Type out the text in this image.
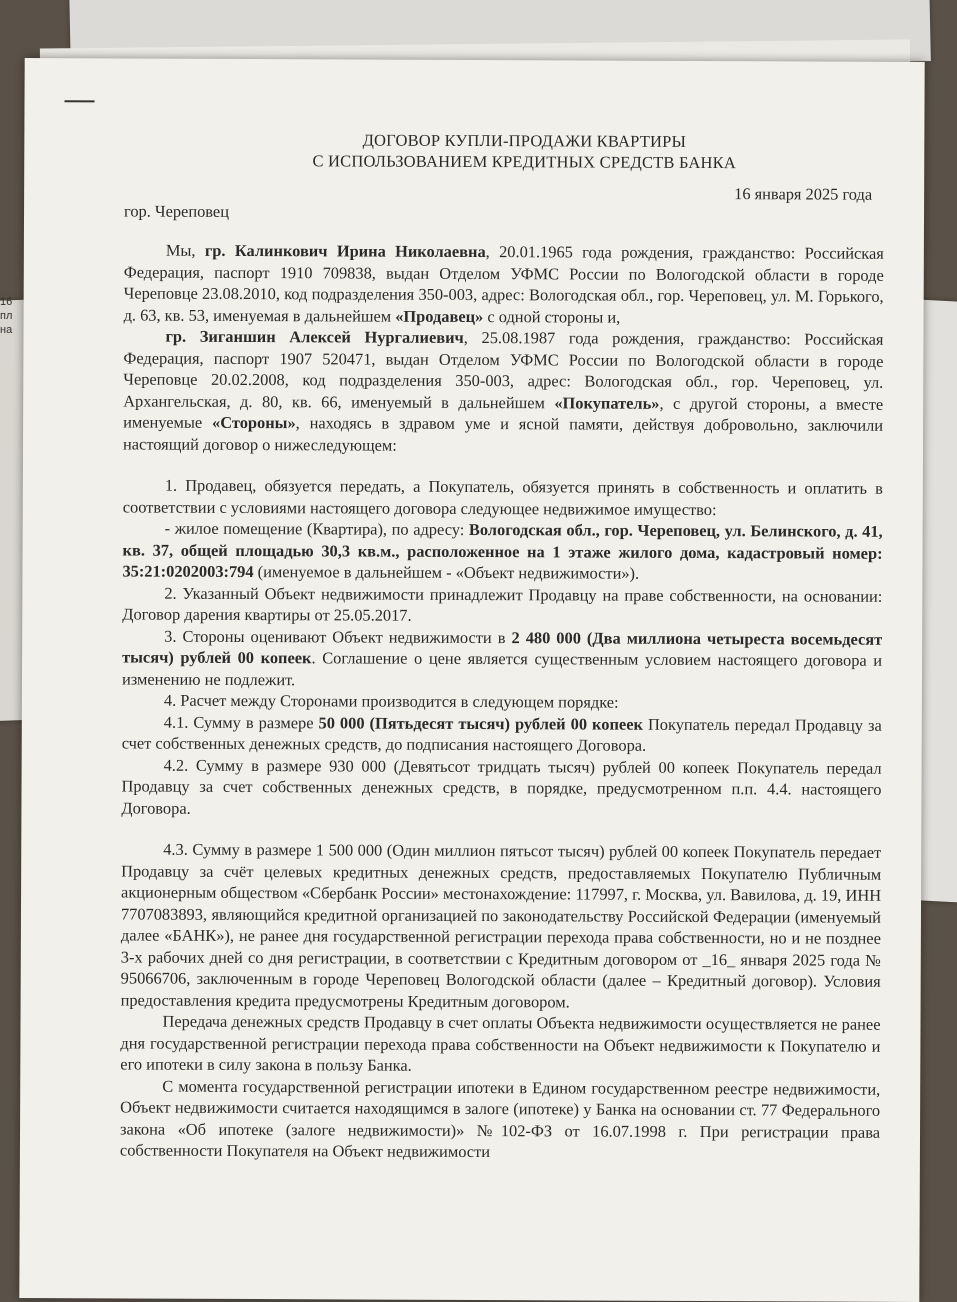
16
пл
на
ДОГОВОР КУПЛИ-ПРОДАЖИ КВАРТИРЫ
С ИСПОЛЬЗОВАНИЕМ КРЕДИТНЫХ СРЕДСТВ БАНКА
16 января 2025 года
гор. Череповец

Мы, гр. Калинкович Ирина Николаевна, 20.01.1965 года рождения, гражданство: Российская Федерация, паспорт 1910 709838, выдан Отделом УФМС России по Вологодской области в городе Череповце 23.08.2010, код подразделения 350-003, адрес: Вологодская обл., гор. Череповец, ул. М. Горького, д. 63, кв. 53, именуемая в дальнейшем «Продавец» с одной стороны и,

гр. Зиганшин Алексей Нургалиевич, 25.08.1987 года рождения, гражданство: Российская Федерация, паспорт 1907 520471, выдан Отделом УФМС России по Вологодской области в городе Череповце 20.02.2008, код подразделения 350-003, адрес: Вологодская обл., гор. Череповец, ул. Архангельская, д. 80, кв. 66, именуемый в дальнейшем «Покупатель», с другой стороны, а вместе именуемые «Стороны», находясь в здравом уме и ясной памяти, действуя добровольно, заключили настоящий договор о нижеследующем:

1. Продавец, обязуется передать, а Покупатель, обязуется принять в собственность и оплатить в соответствии с условиями настоящего договора следующее недвижимое имущество:

- жилое помещение (Квартира), по адресу: Вологодская обл., гор. Череповец, ул. Белинского, д. 41, кв. 37, общей площадью 30,3 кв.м., расположенное на 1 этаже жилого дома, кадастровый номер: 35:21:0202003:794 (именуемое в дальнейшем - «Объект недвижимости»).

2. Указанный Объект недвижимости принадлежит Продавцу на праве собственности, на основании: Договор дарения квартиры от 25.05.2017.

3. Стороны оценивают Объект недвижимости в 2 480 000 (Два миллиона четыреста восемьдесят тысяч) рублей 00 копеек. Соглашение о цене является существенным условием настоящего договора и изменению не подлежит.

4. Расчет между Сторонами производится в следующем порядке:

4.1. Сумму в размере 50 000 (Пятьдесят тысяч) рублей 00 копеек Покупатель передал Продавцу за счет собственных денежных средств, до подписания настоящего Договора.

4.2. Сумму в размере 930 000 (Девятьсот тридцать тысяч) рублей 00 копеек Покупатель передал Продавцу за счет собственных денежных средств, в порядке, предусмотренном п.п. 4.4. настоящего Договора.

4.3. Сумму в размере 1 500 000 (Один миллион пятьсот тысяч) рублей 00 копеек Покупатель передает Продавцу за счёт целевых кредитных денежных средств, предоставляемых Покупателю Публичным акционерным обществом «Сбербанк России» местонахождение: 117997, г. Москва, ул. Вавилова, д. 19, ИНН 7707083893, являющийся кредитной организацией по законодательству Российской Федерации (именуемый далее «БАНК»), не ранее дня государственной регистрации перехода права собственности, но и не позднее 3-х рабочих дней со дня регистрации, в соответствии с Кредитным договором от _16_ января 2025 года № 95066706, заключенным в городе Череповец Вологодской области (далее – Кредитный договор). Условия предоставления кредита предусмотрены Кредитным договором.

Передача денежных средств Продавцу в счет оплаты Объекта недвижимости осуществляется не ранее дня государственной регистрации перехода права собственности на Объект недвижимости к Покупателю и его ипотеки в силу закона в пользу Банка.

С момента государственной регистрации ипотеки в Едином государственном реестре недвижимости, Объект недвижимости считается находящимся в залоге (ипотеке) у Банка на основании ст. 77 Федерального закона «Об ипотеке (залоге недвижимости)» №102-ФЗ от 16.07.1998 г. При регистрации права собственности Покупателя на Объект недвижимости
